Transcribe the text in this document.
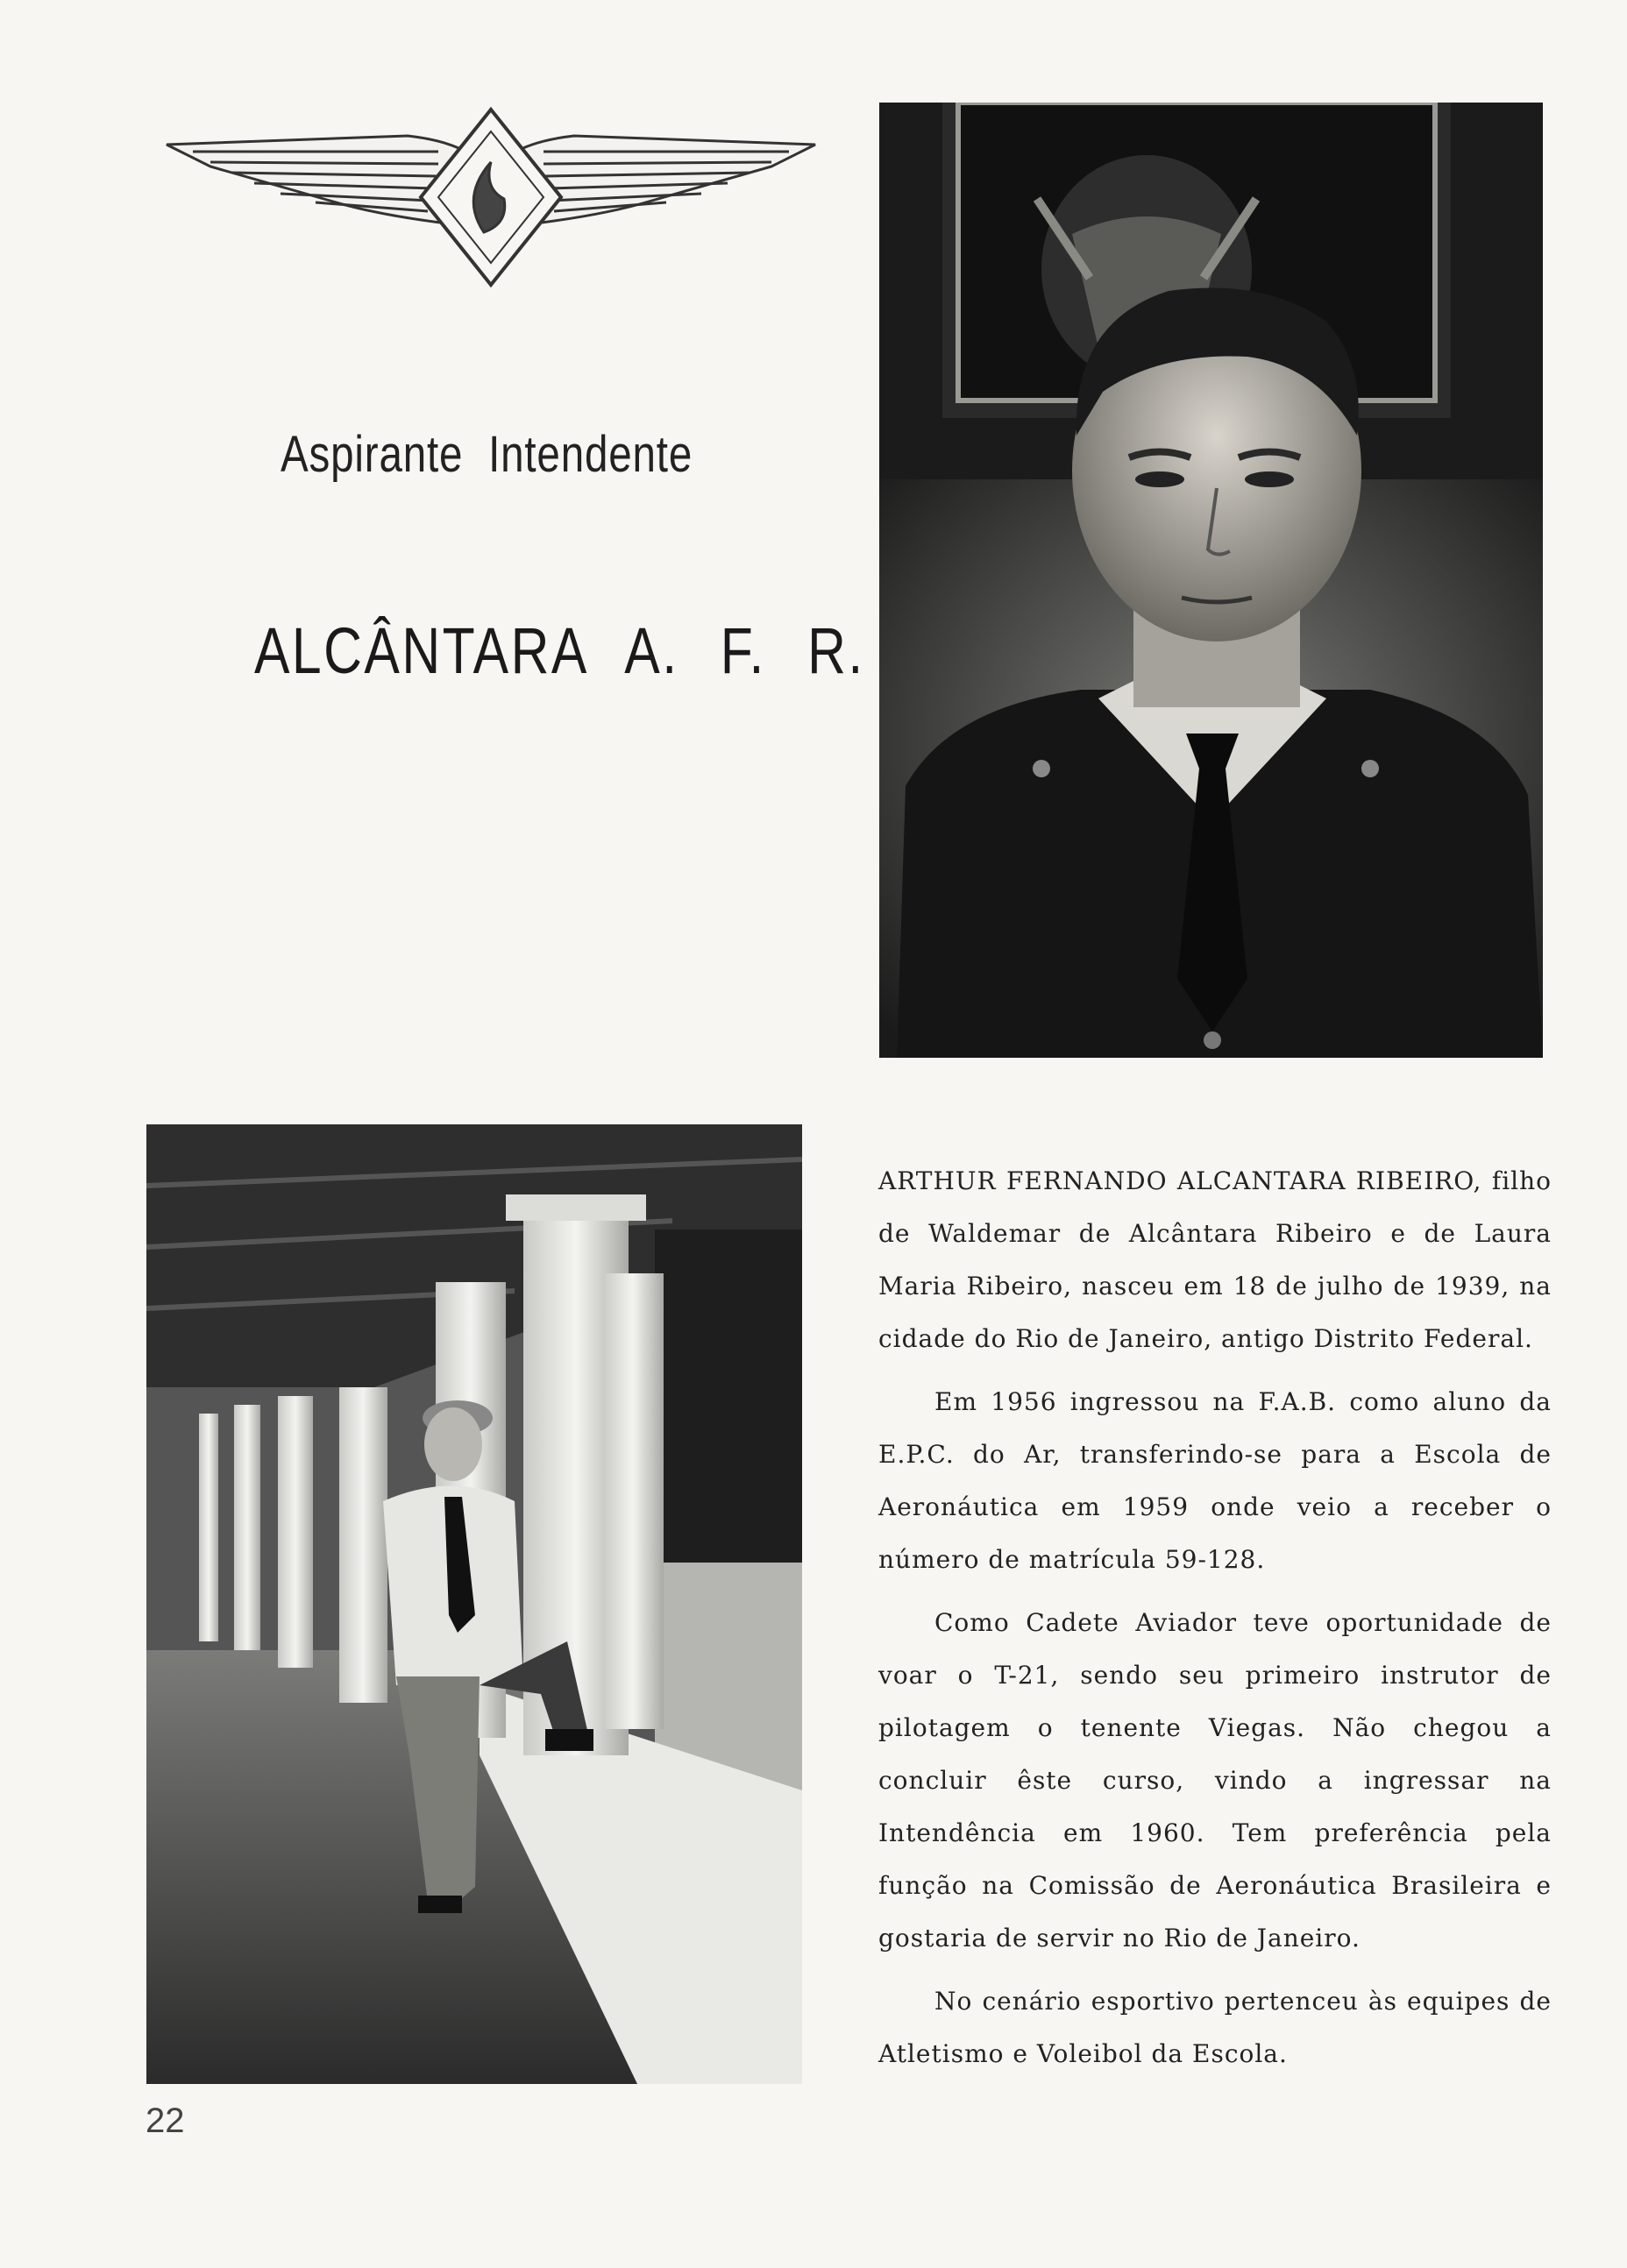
Aspirante Intendente
ALCÂNTARA A. F. R.

ARTHUR FERNANDO ALCANTARA RIBEIRO, filho de Waldemar de Alcântara Ribeiro e de Laura Maria Ribeiro, nasceu em 18 de julho de 1939, na cidade do Rio de Janeiro, antigo Distrito Federal.

Em 1956 ingressou na F.A.B. como aluno da E.P.C. do Ar, transferindo-se para a Escola de Aeronáutica em 1959 onde veio a receber o número de matrícula 59-128.

Como Cadete Aviador teve oportunidade de voar o T-21, sendo seu primeiro instrutor de pilotagem o tenente Viegas. Não chegou a concluir êste curso, vindo a ingressar na Intendência em 1960. Tem preferência pela função na Comissão de Aeronáutica Brasileira e gostaria de servir no Rio de Janeiro.

No cenário esportivo pertenceu às equipes de Atletismo e Voleibol da Escola.

22
